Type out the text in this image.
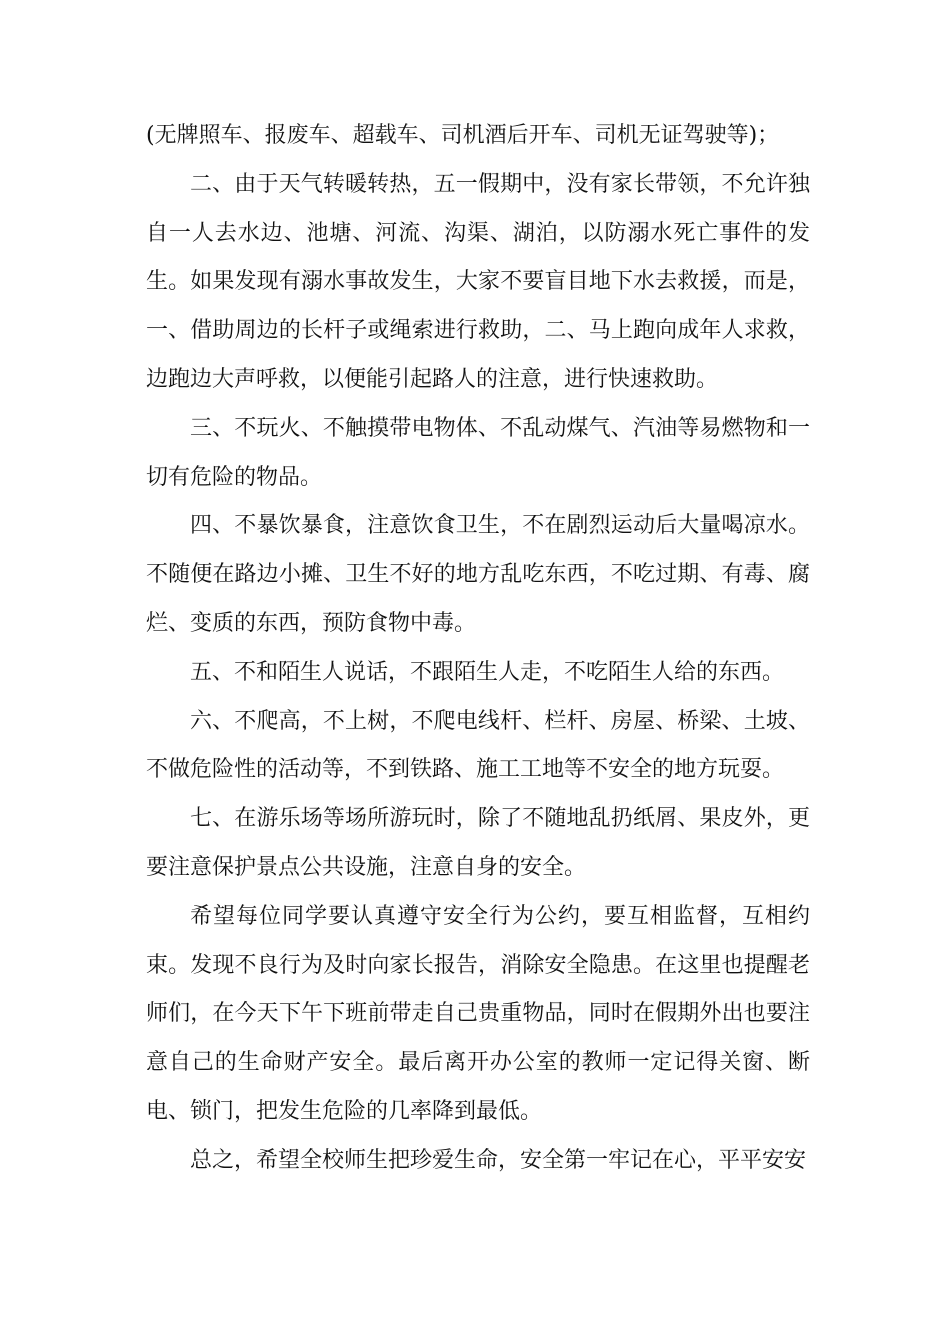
(无牌照车、报废车、超载车、司机酒后开车、司机无证驾驶等)；

二、由于天气转暖转热，五一假期中，没有家长带领，不允许独自一人去水边、池塘、河流、沟渠、湖泊，以防溺水死亡事件的发生。如果发现有溺水事故发生，大家不要盲目地下水去救援，而是，一、借助周边的长杆子或绳索进行救助，二、马上跑向成年人求救，边跑边大声呼救，以便能引起路人的注意，进行快速救助。

三、不玩火、不触摸带电物体、不乱动煤气、汽油等易燃物和一切有危险的物品。

四、不暴饮暴食，注意饮食卫生，不在剧烈运动后大量喝凉水。不随便在路边小摊、卫生不好的地方乱吃东西，不吃过期、有毒、腐烂、变质的东西，预防食物中毒。

五、不和陌生人说话，不跟陌生人走，不吃陌生人给的东西。

六、不爬高，不上树，不爬电线杆、栏杆、房屋、桥梁、土坡、不做危险性的活动等，不到铁路、施工工地等不安全的地方玩耍。

七、在游乐场等场所游玩时，除了不随地乱扔纸屑、果皮外，更要注意保护景点公共设施，注意自身的安全。

希望每位同学要认真遵守安全行为公约，要互相监督，互相约束。发现不良行为及时向家长报告，消除安全隐患。在这里也提醒老师们，在今天下午下班前带走自己贵重物品，同时在假期外出也要注意自己的生命财产安全。最后离开办公室的教师一定记得关窗、断电、锁门，把发生危险的几率降到最低。

总之，希望全校师生把珍爱生命，安全第一牢记在心，平平安安
